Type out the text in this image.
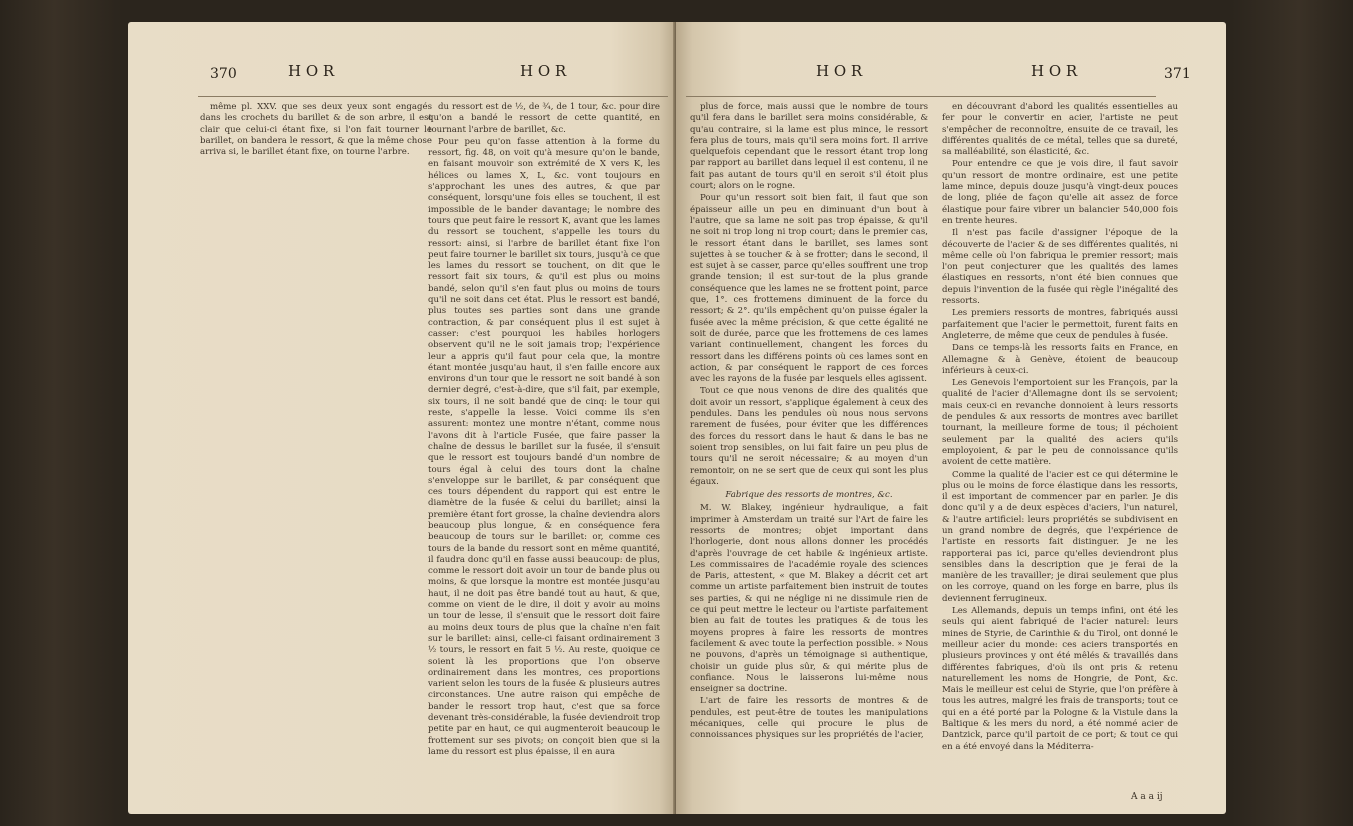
370	H O R	H O R

même pl. XXV. que ses deux yeux sont engagés dans les crochets du barillet & de son arbre, il est clair que celui-ci étant fixe, si l'on fait tourner le barillet, on bandera le ressort, & que la même chose arriva si, le barillet étant fixe, on tourne l'arbre.

du ressort est de ½, de ¾, de 1 tour, &c. pour dire qu'on a bandé le ressort de cette quantité, en tournant l'arbre de barillet, &c.

Pour peu qu'on fasse attention à la forme du ressort, fig. 48, on voit qu'à mesure qu'on le bande, en faisant mouvoir son extrémité de X vers K, les hélices ou lames X, L, &c. vont toujours en s'approchant les unes des autres, & que par conséquent, lorsqu'une fois elles se touchent, il est impossible de le bander davantage; le nombre des tours que peut faire le ressort K, avant que les lames du ressort se touchent, s'appelle les tours du ressort: ainsi, si l'arbre de barillet étant fixe l'on peut faire tourner le barillet six tours, jusqu'à ce que les lames du ressort se touchent, on dit que le ressort fait six tours, & qu'il est plus ou moins bandé, selon qu'il s'en faut plus ou moins de tours qu'il ne soit dans cet état. Plus le ressort est bandé, plus toutes ses parties sont dans une grande contraction, & par conséquent plus il est sujet à casser: c'est pourquoi les habiles horlogers observent qu'il ne le soit jamais trop; l'expérience leur a appris qu'il faut pour cela que, la montre étant montée jusqu'au haut, il s'en faille encore aux environs d'un tour que le ressort ne soit bandé à son dernier degré, c'est-à-dire, que s'il fait, par exemple, six tours, il ne soit bandé que de cinq: le tour qui reste, s'appelle la lesse. Voici comme ils s'en assurent: montez une montre n'étant, comme nous l'avons dit à l'article Fusée, que faire passer la chaîne de dessus le barillet sur la fusée, il s'ensuit que le ressort est toujours bandé d'un nombre de tours égal à celui des tours dont la chaîne s'enveloppe sur le barillet, & par conséquent que ces tours dépendent du rapport qui est entre le diamètre de la fusée & celui du barillet; ainsi la première étant fort grosse, la chaîne deviendra alors beaucoup plus longue, & en conséquence fera beaucoup de tours sur le barillet: or, comme ces tours de la bande du ressort sont en même quantité, il faudra donc qu'il en fasse aussi beaucoup: de plus, comme le ressort doit avoir un tour de bande plus ou moins, & que lorsque la montre est montée jusqu'au haut, il ne doit pas être bandé tout au haut, & que, comme on vient de le dire, il doit y avoir au moins un tour de lesse, il s'ensuit que le ressort doit faire au moins deux tours de plus que la chaîne n'en fait sur le barillet: ainsi, celle-ci faisant ordinairement 3 ½ tours, le ressort en fait 5 ½. Au reste, quoique ce soient là les proportions que l'on observe ordinairement dans les montres, ces proportions varient selon les tours de la fusée & plusieurs autres circonstances. Une autre raison qui empêche de bander le ressort trop haut, c'est que sa force devenant très-considérable, la fusée deviendroit trop petite par en haut, ce qui augmenteroit beaucoup le frottement sur ses pivots; on conçoit bien que si la lame du ressort est plus épaisse, il en aura

H O R	H O R	371

plus de force, mais aussi que le nombre de tours qu'il fera dans le barillet sera moins considérable, & qu'au contraire, si la lame est plus mince, le ressort fera plus de tours, mais qu'il sera moins fort. Il arrive quelquefois cependant que le ressort étant trop long par rapport au barillet dans lequel il est contenu, il ne fait pas autant de tours qu'il en seroit s'il étoit plus court; alors on le rogne.

Pour qu'un ressort soit bien fait, il faut que son épaisseur aille un peu en diminuant d'un bout à l'autre, que sa lame ne soit pas trop épaisse, & qu'il ne soit ni trop long ni trop court; dans le premier cas, le ressort étant dans le barillet, ses lames sont sujettes à se toucher & à se frotter; dans le second, il est sujet à se casser, parce qu'elles souffrent une trop grande tension; il est sur-tout de la plus grande conséquence que les lames ne se frottent point, parce que, 1°. ces frottemens diminuent de la force du ressort; & 2°. qu'ils empêchent qu'on puisse égaler la fusée avec la même précision, & que cette égalité ne soit de durée, parce que les frottemens de ces lames variant continuellement, changent les forces du ressort dans les différens points où ces lames sont en action, & par conséquent le rapport de ces forces avec les rayons de la fusée par lesquels elles agissent.

Tout ce que nous venons de dire des qualités que doit avoir un ressort, s'applique également à ceux des pendules. Dans les pendules où nous nous servons rarement de fusées, pour éviter que les différences des forces du ressort dans le haut & dans le bas ne soient trop sensibles, on lui fait faire un peu plus de tours qu'il ne seroit nécessaire; & au moyen d'un remontoir, on ne se sert que de ceux qui sont les plus égaux.

Fabrique des ressorts de montres, &c.

M. W. Blakey, ingénieur hydraulique, a fait imprimer à Amsterdam un traité sur l'Art de faire les ressorts de montres; objet important dans l'horlogerie, dont nous allons donner les procédés d'après l'ouvrage de cet habile & ingénieux artiste. Les commissaires de l'académie royale des sciences de Paris, attestent, « que M. Blakey a décrit cet art comme un artiste parfaitement bien instruit de toutes ses parties, & qui ne néglige ni ne dissimule rien de ce qui peut mettre le lecteur ou l'artiste parfaitement bien au fait de toutes les pratiques & de tous les moyens propres à faire les ressorts de montres facilement & avec toute la perfection possible. » Nous ne pouvons, d'après un témoignage si authentique, choisir un guide plus sûr, & qui mérite plus de confiance. Nous le laisserons lui-même nous enseigner sa doctrine.

L'art de faire les ressorts de montres & de pendules, est peut-être de toutes les manipulations mécaniques, celle qui procure le plus de connoissances physiques sur les propriétés de l'acier,

en découvrant d'abord les qualités essentielles au fer pour le convertir en acier, l'artiste ne peut s'empêcher de reconnoître, ensuite de ce travail, les différentes qualités de ce métal, telles que sa dureté, sa malléabilité, son élasticité, &c.

Pour entendre ce que je vois dire, il faut savoir qu'un ressort de montre ordinaire, est une petite lame mince, depuis douze jusqu'à vingt-deux pouces de long, pliée de façon qu'elle ait assez de force élastique pour faire vibrer un balancier 540,000 fois en trente heures.

Il n'est pas facile d'assigner l'époque de la découverte de l'acier & de ses différentes qualités, ni même celle où l'on fabriqua le premier ressort; mais l'on peut conjecturer que les qualités des lames élastiques en ressorts, n'ont été bien connues que depuis l'invention de la fusée qui règle l'inégalité des ressorts.

Les premiers ressorts de montres, fabriqués aussi parfaitement que l'acier le permettoit, furent faits en Angleterre, de même que ceux de pendules à fusée.

Dans ce temps-là les ressorts faits en France, en Allemagne & à Genève, étoient de beaucoup inférieurs à ceux-ci.

Les Genevois l'emportoient sur les François, par la qualité de l'acier d'Allemagne dont ils se servoient; mais ceux-ci en revanche donnoient à leurs ressorts de pendules & aux ressorts de montres avec barillet tournant, la meilleure forme de tous; il péchoient seulement par la qualité des aciers qu'ils employoient, & par le peu de connoissance qu'ils avoient de cette matière.

Comme la qualité de l'acier est ce qui détermine le plus ou le moins de force élastique dans les ressorts, il est important de commencer par en parler. Je dis donc qu'il y a de deux espèces d'aciers, l'un naturel, & l'autre artificiel: leurs propriétés se subdivisent en un grand nombre de degrés, que l'expérience de l'artiste en ressorts fait distinguer. Je ne les rapporterai pas ici, parce qu'elles deviendront plus sensibles dans la description que je ferai de la manière de les travailler; je dirai seulement que plus on les corroye, quand on les forge en barre, plus ils deviennent ferrugineux.

Les Allemands, depuis un temps infini, ont été les seuls qui aient fabriqué de l'acier naturel: leurs mines de Styrie, de Carinthie & du Tirol, ont donné le meilleur acier du monde: ces aciers transportés en plusieurs provinces y ont été mêlés & travaillés dans différentes fabriques, d'où ils ont pris & retenu naturellement les noms de Hongrie, de Pont, &c. Mais le meilleur est celui de Styrie, que l'on préfère à tous les autres, malgré les frais de transports; tout ce qui en a été porté par la Pologne & la Vistule dans la Baltique & les mers du nord, a été nommé acier de Dantzick, parce qu'il partoit de ce port; & tout ce qui en a été envoyé dans la Méditerra-

A a a ij
